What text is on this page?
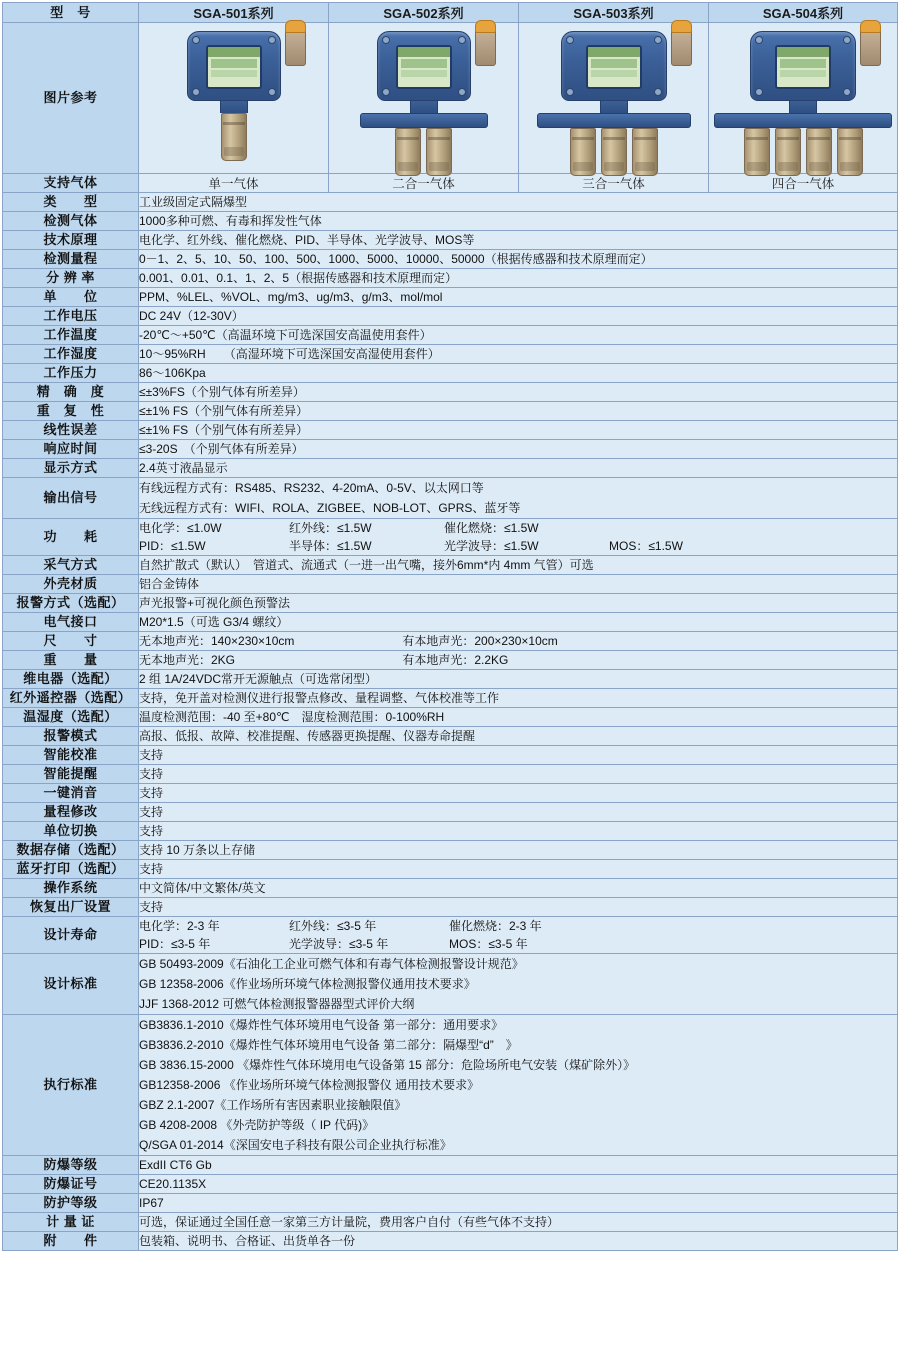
型　号	SGA-501系列	SGA-502系列	SGA-503系列	SGA-504系列
图片参考	

支持气体	单一气体	二合一气体	三合一气体	四合一气体
类　　型	工业级固定式隔爆型			
检测气体	1000多种可燃、有毒和挥发性气体			
技术原理	电化学、红外线、催化燃烧、PID、半导体、光学波导、MOS等			
检测量程	0－1、2、5、10、50、100、500、1000、5000、10000、50000（根据传感器和技术原理而定）			
分 辨 率	0.001、0.01、0.1、1、2、5（根据传感器和技术原理而定）			
单　　位	PPM、%LEL、%VOL、mg/m3、ug/m3、g/m3、mol/mol			
工作电压	DC 24V（12-30V）			
工作温度	-20℃～+50℃（高温环境下可选深国安高温使用套件）			
工作湿度	10～95%RH　　（高湿环境下可选深国安高湿使用套件）			
工作压力	86～106Kpa			
精　确　度	≤±3%FS（个别气体有所差异）			
重　复　性	≤±1% FS（个别气体有所差异）			
线性误差	≤±1% FS（个别气体有所差异）			
响应时间	≤3-20S　（个别气体有所差异）			
显示方式	2.4英寸液晶显示			
输出信号	有线远程方式有：RS485、RS232、4-20mA、0-5V、以太网口等
无线远程方式有：WIFI、ROLA、ZIGBEE、NOB-LOT、GPRS、蓝牙等			

功　　耗	
电化学：≤1.0W	红外线：≤1.5W	催化燃烧：≤1.5W
PID：≤1.5W	半导体：≤1.5W	光学波导：≤1.5W	MOS：≤1.5W

采气方式	自然扩散式（默认）　管道式、流通式（一进一出气嘴，接外6mm*内 4mm 气管）可选			
外壳材质	铝合金铸体			
报警方式（选配）	声光报警+可视化颜色预警法			
电气接口	M20*1.5（可选 G3/4 螺纹）			
尺　　寸	无本地声光：140×230×10cm 有本地声光：200×230×10cm			
重　　量	无本地声光：2KG 有本地声光：2.2KG			
维电器（选配）	2 组 1A/24VDC常开无源触点（可选常闭型）			
红外遥控器（选配）	支持，免开盖对检测仪进行报警点修改、量程调整、气体校准等工作			
温湿度（选配）	温度检测范围：-40 至+80℃　湿度检测范围：0-100%RH			
报警模式	高报、低报、故障、校准提醒、传感器更换提醒、仪器寿命提醒			
智能校准	支持			
智能提醒	支持			
一键消音	支持			
量程修改	支持			
单位切换	支持			
数据存储（选配）	支持 10 万条以上存储			
蓝牙打印（选配）	支持			
操作系统	中文简体/中文繁体/英文			
恢复出厂设置	支持			
设计寿命	
电化学：2-3 年	红外线：≤3-5 年	催化燃烧：2-3 年
PID：≤3-5 年	光学波导：≤3-5 年	MOS：≤3-5 年

设计标准	GB 50493-2009《石油化工企业可燃气体和有毒气体检测报警设计规范》
GB 12358-2006《作业场所环境气体检测报警仪通用技术要求》
JJF 1368-2012 可燃气体检测报警器器型式评价大纲			

执行标准	
GB3836.1-2010《爆炸性气体环境用电气设备 第一部分：通用要求》
GB3836.2-2010《爆炸性气体环境用电气设备 第二部分：隔爆型“d”　》
GB 3836.15-2000 《爆炸性气体环境用电气设备第 15 部分：危险场所电气安装（煤矿除外）》
GB12358-2006 《作业场所环境气体检测报警仪 通用技术要求》
GBZ 2.1-2007《工作场所有害因素职业接触限值》
GB 4208-2008 《外壳防护等级（ IP 代码)》
Q/SGA 01-2014《深国安电子科技有限公司企业执行标准》

防爆等级	ExdII CT6 Gb			
防爆证号	CE20.1135X			
防护等级	IP67			
计 量 证	可选，保证通过全国任意一家第三方计量院，费用客户自付（有些气体不支持）			
附　　件	包装箱、说明书、合格证、出货单各一份			
